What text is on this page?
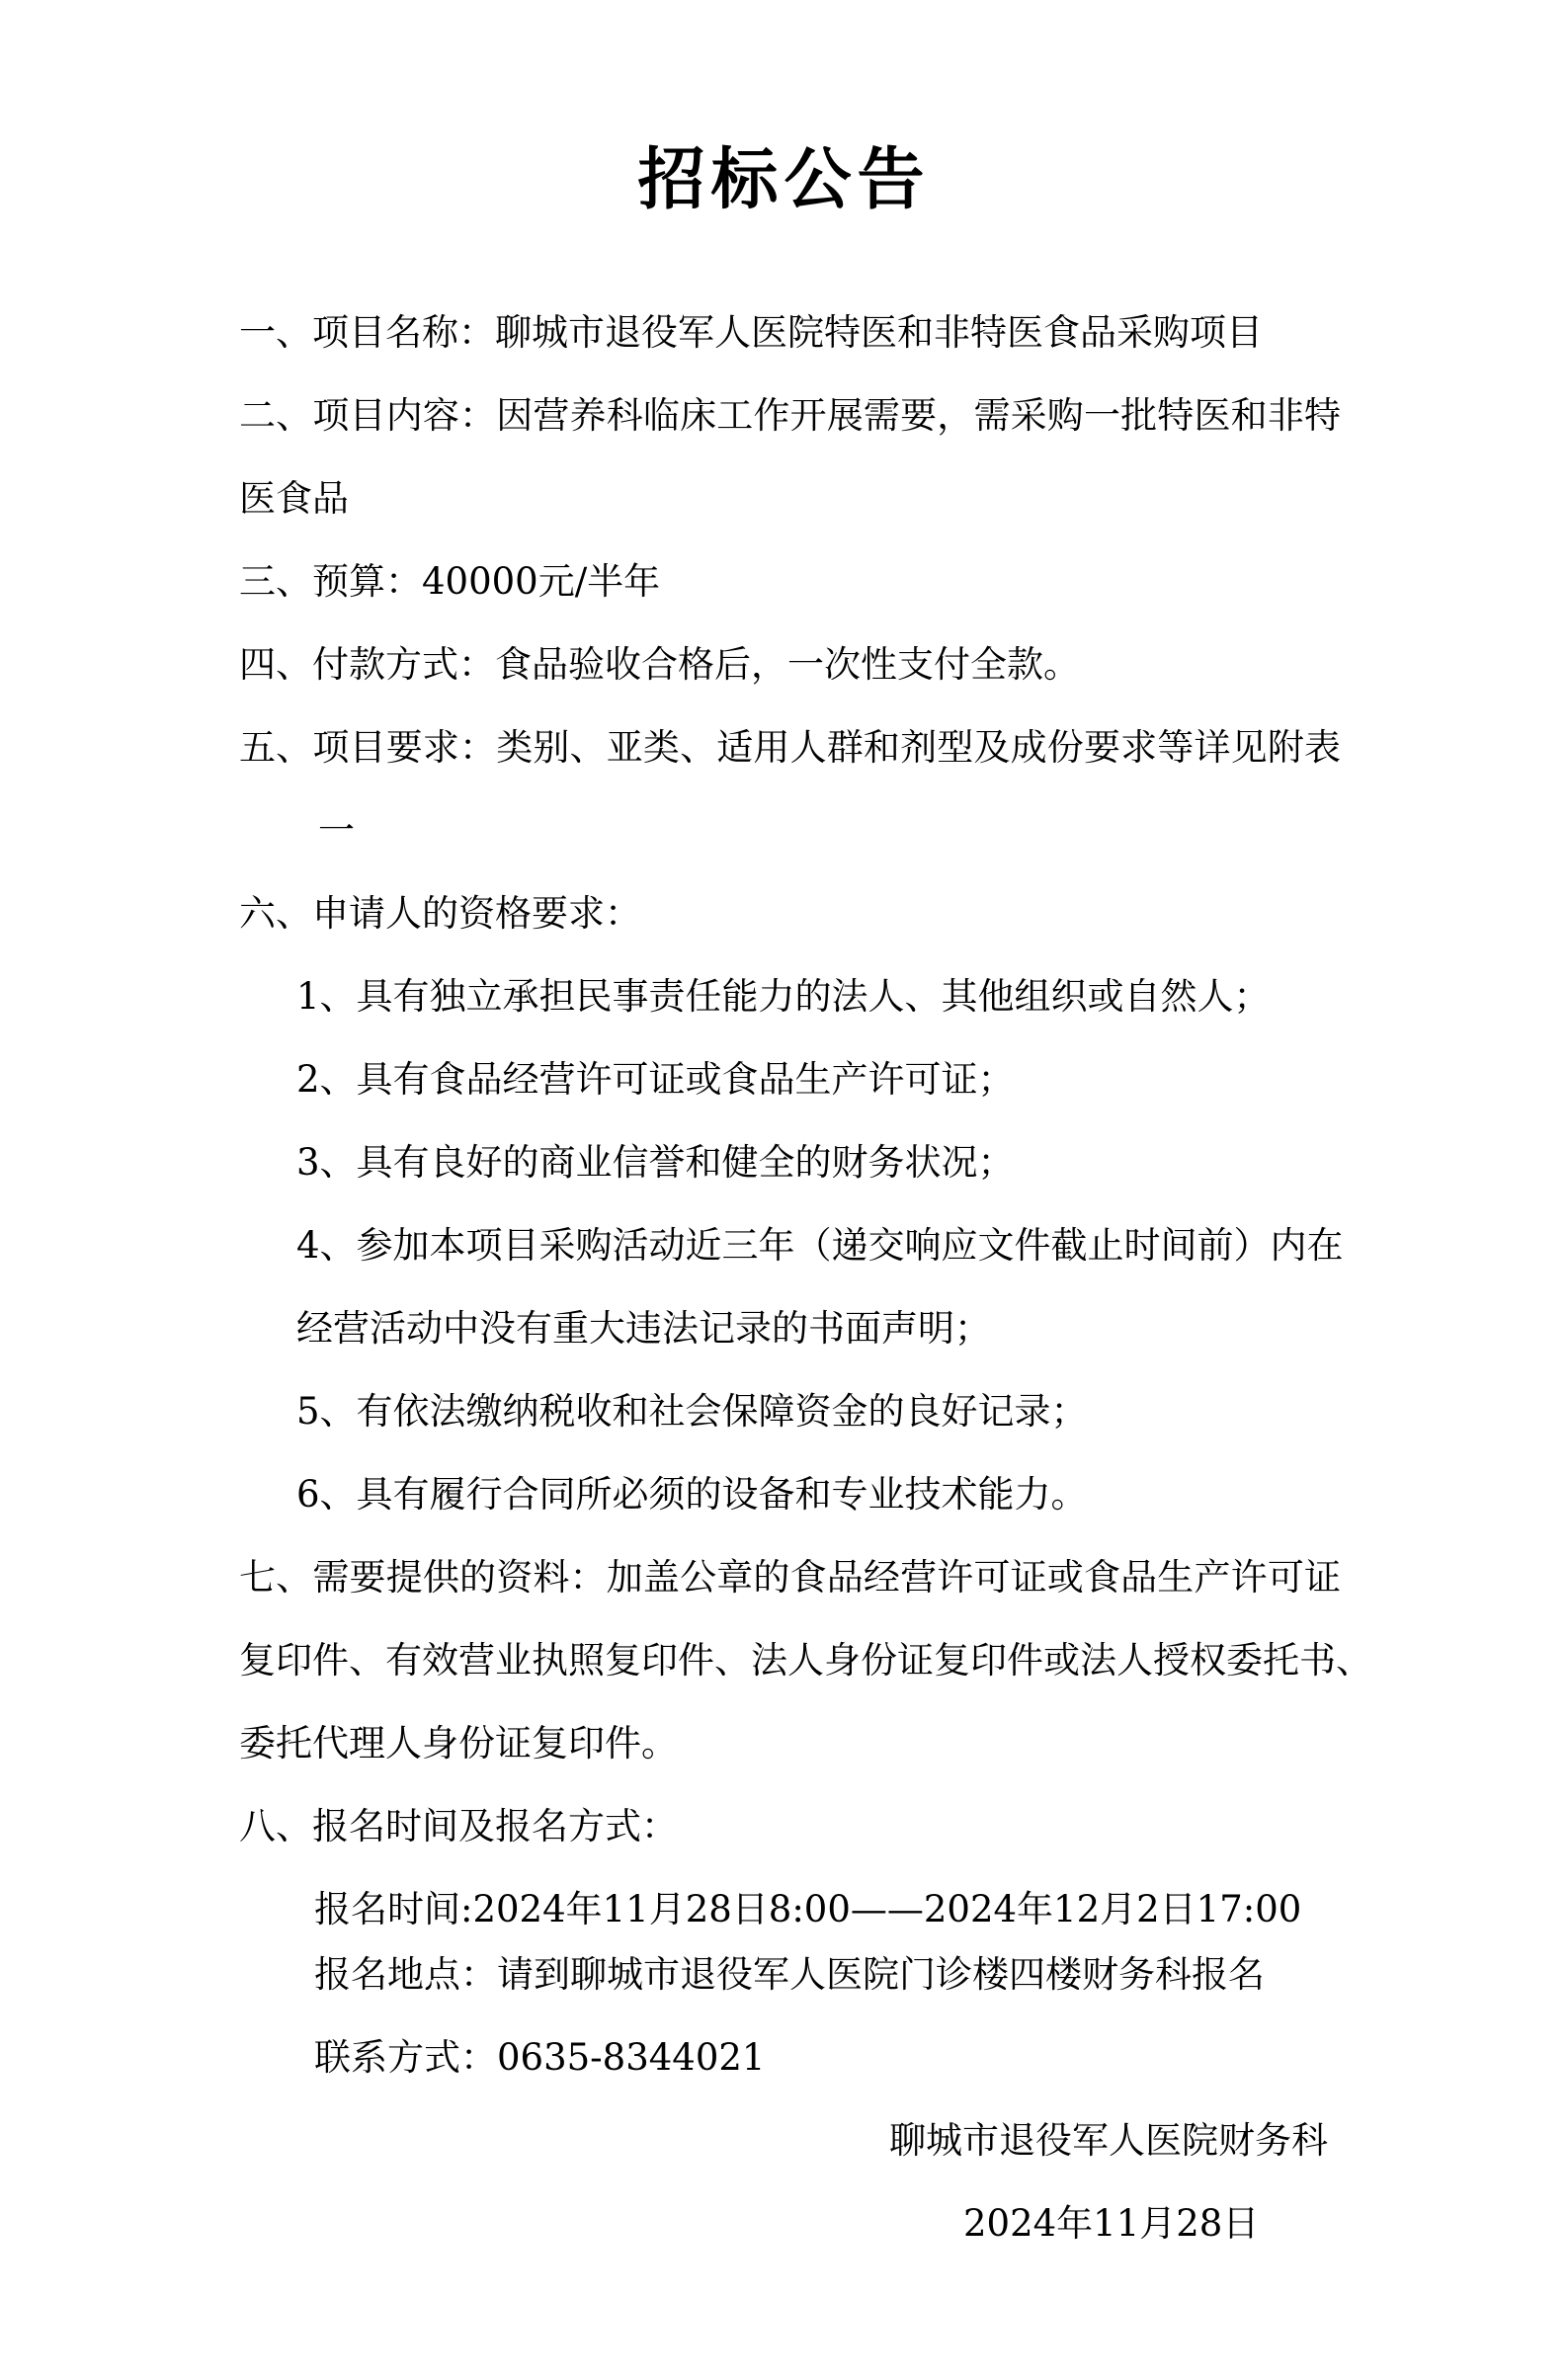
招标公告
一、项目名称：聊城市退役军人医院特医和非特医食品采购项目
二、项目内容：因营养科临床工作开展需要，需采购一批特医和非特
医食品
三、预算：40000元/半年
四、付款方式：食品验收合格后，一次性支付全款。
五、项目要求：类别、亚类、适用人群和剂型及成份要求等详见附表
一
六、申请人的资格要求：
1、具有独立承担民事责任能力的法人、其他组织或自然人；
2、具有食品经营许可证或食品生产许可证；
3、具有良好的商业信誉和健全的财务状况；
4、参加本项目采购活动近三年（递交响应文件截止时间前）内在
经营活动中没有重大违法记录的书面声明；
5、有依法缴纳税收和社会保障资金的良好记录；
6、具有履行合同所必须的设备和专业技术能力。
七、需要提供的资料：加盖公章的食品经营许可证或食品生产许可证
复印件、有效营业执照复印件、法人身份证复印件或法人授权委托书、
委托代理人身份证复印件。
八、报名时间及报名方式：
报名时间:2024年11月28日8:00——2024年12月2日17:00
报名地点：请到聊城市退役军人医院门诊楼四楼财务科报名
联系方式：0635-8344021
聊城市退役军人医院财务科
2024年11月28日
